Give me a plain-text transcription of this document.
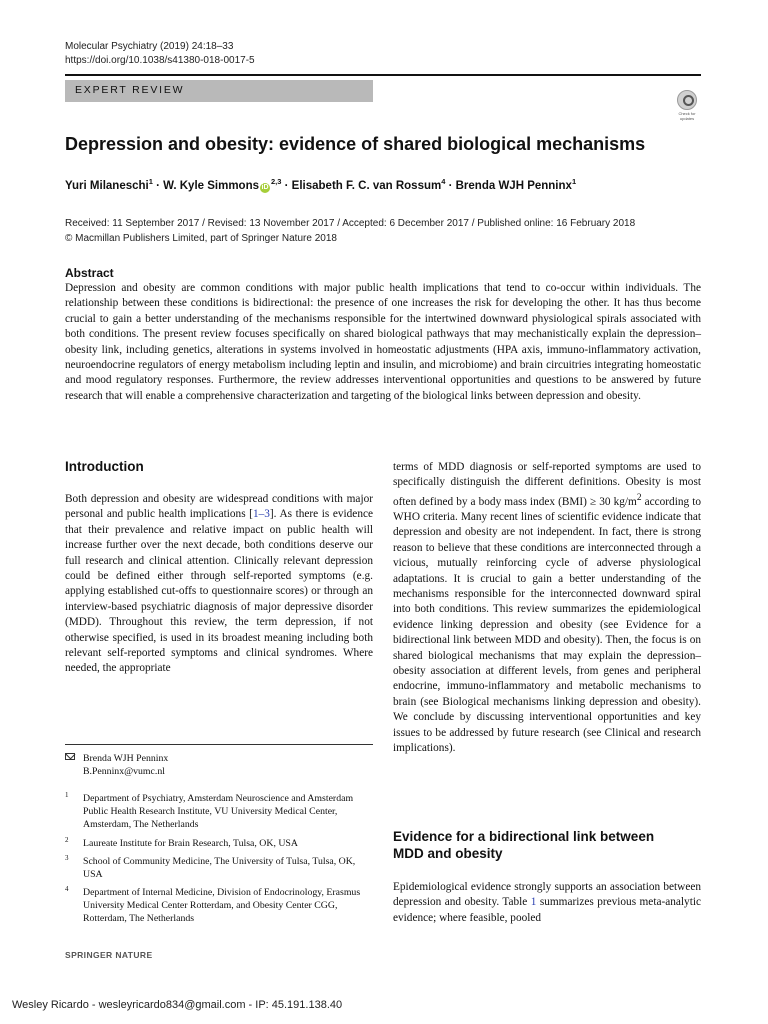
Molecular Psychiatry (2019) 24:18–33
https://doi.org/10.1038/s41380-018-0017-5
EXPERT REVIEW
Check for updates
Depression and obesity: evidence of shared biological mechanisms
Yuri Milaneschi$^1$ · W. Kyle Simmons iD$^{2,3}$ · Elisabeth F. C. van Rossum$^4$ · Brenda WJH Penninx$^1$
Received: 11 September 2017 / Revised: 13 November 2017 / Accepted: 6 December 2017 / Published online: 16 February 2018
© Macmillan Publishers Limited, part of Springer Nature 2018
Abstract

Depression and obesity are common conditions with major public health implications that tend to co-occur within individuals. The relationship between these conditions is bidirectional: the presence of one increases the risk for developing the other. It has thus become crucial to gain a better understanding of the mechanisms responsible for the intertwined downward physiological spirals associated with both conditions. The present review focuses specifically on shared biological pathways that may mechanistically explain the depression–obesity link, including genetics, alterations in systems involved in homeostatic adjustments (HPA axis, immuno-inflammatory activation, neuroendocrine regulators of energy metabolism including leptin and insulin, and microbiome) and brain circuitries integrating homeostatic and mood regulatory responses. Furthermore, the review addresses interventional opportunities and questions to be answered by future research that will enable a comprehensive characterization and targeting of the biological links between depression and obesity.

Introduction

Both depression and obesity are widespread conditions with major personal and public health implications [1–3]. As there is evidence that their prevalence and relative impact on public health will increase further over the next decade, both conditions deserve our full research and clinical attention. Clinically relevant depression could be defined either through self-reported symptoms (e.g. applying established cut-offs to questionnaire scores) or through an interview-based psychiatric diagnosis of major depressive disorder (MDD). Throughout this review, the term depression, if not otherwise specified, is used in its broadest meaning including both relevant self-reported symptoms and clinical syndromes. Where needed, the appropriate

Brenda WJH Penninx
B.Penninx@vumc.nl
1 Department of Psychiatry, Amsterdam Neuroscience and Amsterdam Public Health Research Institute, VU University Medical Center, Amsterdam, The Netherlands
2 Laureate Institute for Brain Research, Tulsa, OK, USA
3 School of Community Medicine, The University of Tulsa, Tulsa, OK, USA
4 Department of Internal Medicine, Division of Endocrinology, Erasmus University Medical Center Rotterdam, and Obesity Center CGG, Rotterdam, The Netherlands

terms of MDD diagnosis or self-reported symptoms are used to specifically distinguish the different definitions. Obesity is most often defined by a body mass index (BMI) ≥ 30 $kg/m^2$ according to WHO criteria. Many recent lines of scientific evidence indicate that depression and obesity are not independent. In fact, there is strong reason to believe that these conditions are interconnected through a vicious, mutually reinforcing cycle of adverse physiological adaptations. It is crucial to gain a better understanding of the mechanisms responsible for the interconnected downward spiral into both conditions. This review summarizes the epidemiological evidence linking depression and obesity (see Evidence for a bidirectional link between MDD and obesity). Then, the focus is on shared biological mechanisms that may explain the depression–obesity association at different levels, from genes and peripheral endocrine, immuno-inflammatory and metabolic mechanisms to brain (see Biological mechanisms linking depression and obesity). We conclude by discussing interventional opportunities and key issues to be addressed by future research (see Clinical and research implications).

Evidence for a bidirectional link between
MDD and obesity

Epidemiological evidence strongly supports an association between depression and obesity. Table 1 summarizes previous meta-analytic evidence; where feasible, pooled

SPRINGER NATURE
Wesley Ricardo - wesleyricardo834@gmail.com - IP: 45.191.138.40
